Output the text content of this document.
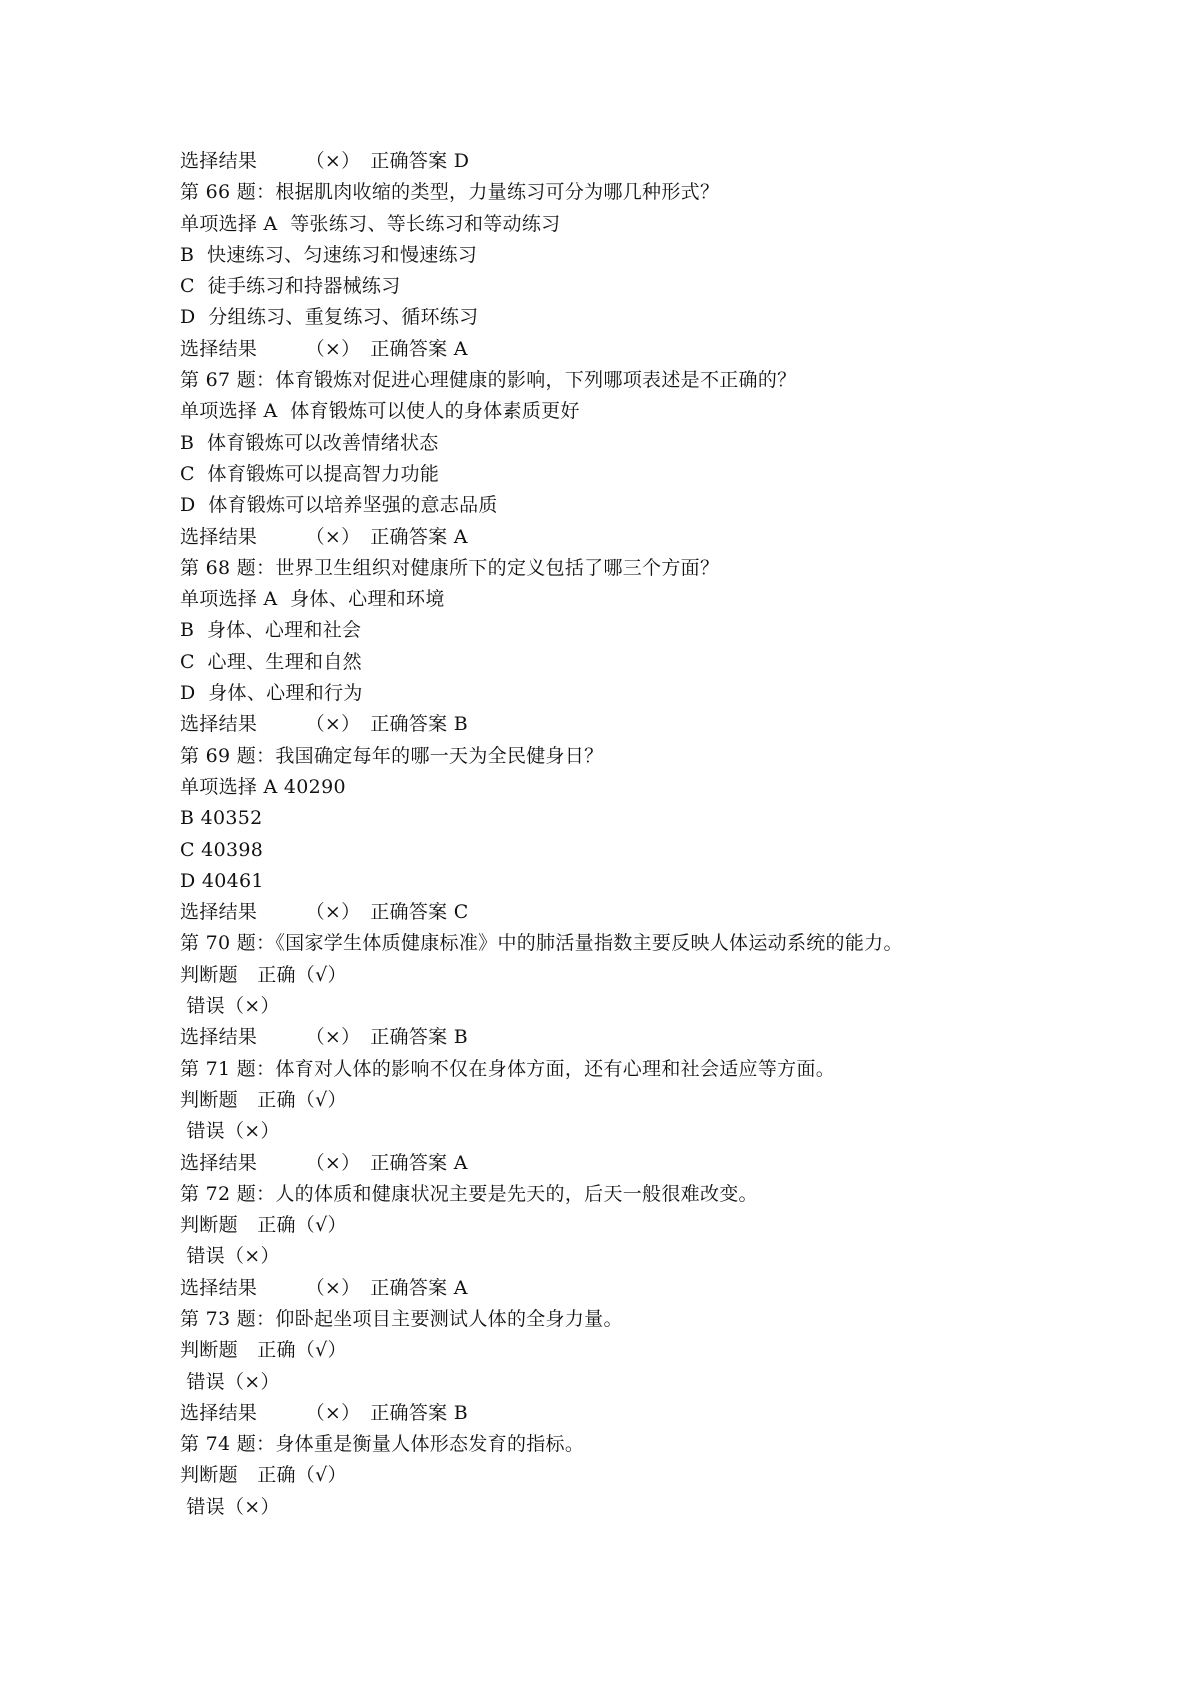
选择结果　　　（×）　正确答案 D
第 66 题：根据肌肉收缩的类型，力量练习可分为哪几种形式？
单项选择 A  等张练习、等长练习和等动练习
B  快速练习、匀速练习和慢速练习
C  徒手练习和持器械练习
D  分组练习、重复练习、循环练习
选择结果　　　（×）　正确答案 A
第 67 题：体育锻炼对促进心理健康的影响，下列哪项表述是不正确的？
单项选择 A  体育锻炼可以使人的身体素质更好
B  体育锻炼可以改善情绪状态
C  体育锻炼可以提高智力功能
D  体育锻炼可以培养坚强的意志品质
选择结果　　　（×）　正确答案 A
第 68 题：世界卫生组织对健康所下的定义包括了哪三个方面？
单项选择 A  身体、心理和环境
B  身体、心理和社会
C  心理、生理和自然
D  身体、心理和行为
选择结果　　　（×）　正确答案 B
第 69 题：我国确定每年的哪一天为全民健身日？
单项选择 A 40290
B 40352
C 40398
D 40461
选择结果　　　（×）　正确答案 C
第 70 题：《国家学生体质健康标准》中的肺活量指数主要反映人体运动系统的能力。
判断题　正确（√）
错误（×）
选择结果　　　（×）　正确答案 B
第 71 题：体育对人体的影响不仅在身体方面，还有心理和社会适应等方面。
判断题　正确（√）
错误（×）
选择结果　　　（×）　正确答案 A
第 72 题：人的体质和健康状况主要是先天的，后天一般很难改变。
判断题　正确（√）
错误（×）
选择结果　　　（×）　正确答案 A
第 73 题：仰卧起坐项目主要测试人体的全身力量。
判断题　正确（√）
错误（×）
选择结果　　　（×）　正确答案 B
第 74 题：身体重是衡量人体形态发育的指标。
判断题　正确（√）
错误（×）
